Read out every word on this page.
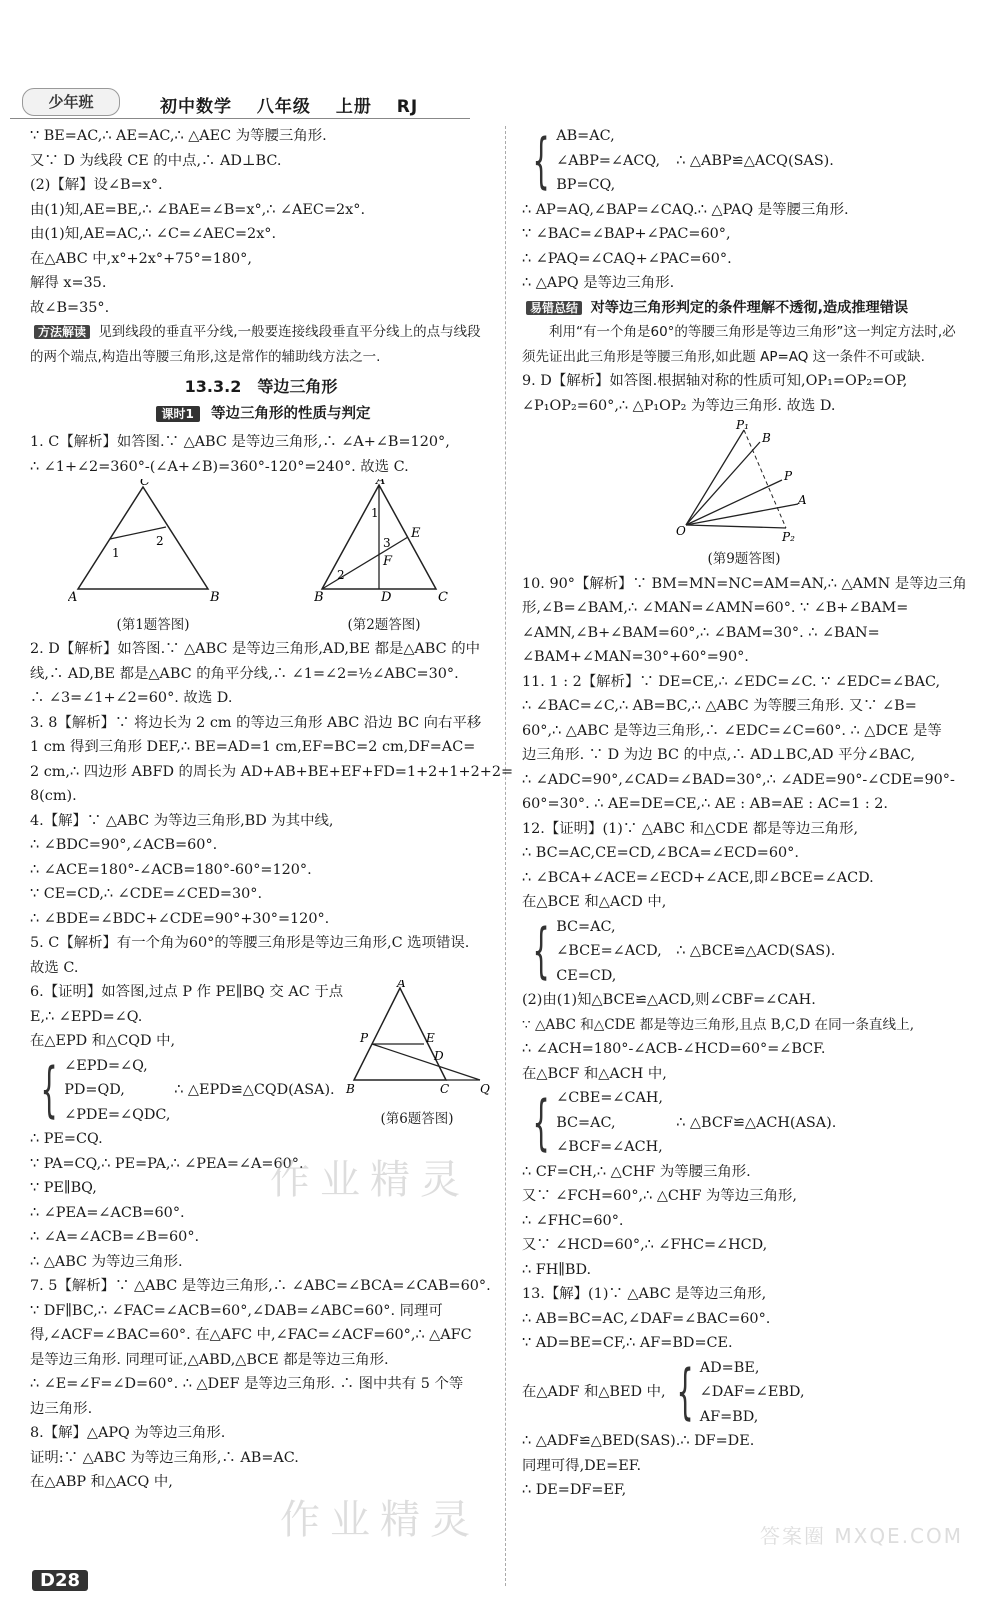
少年班	初中数学 八年级 上册 RJ
∵ BE=AC,∴ AE=AC,∴ △AEC 为等腰三角形.
又∵ D 为线段 CE 的中点,∴ AD⊥BC.
(2)【解】设∠B=x°.
由(1)知,AE=BE,∴ ∠BAE=∠B=x°,∴ ∠AEC=2x°.
由(1)知,AE=AC,∴ ∠C=∠AEC=2x°.
在△ABC 中,x°+2x°+75°=180°,
解得 x=35.
故∠B=35°.
方法解读 见到线段的垂直平分线,一般要连接线段垂直平分线上的点与线段的两个端点,构造出等腰三角形,这是常作的辅助线方法之一.
13.3.2　等边三角形
课时1 等边三角形的性质与判定
1. C【解析】如答图.∵ △ABC 是等边三角形,∴ ∠A+∠B=120°,
∴ ∠1+∠2=360°-(∠A+∠B)=360°-120°=240°. 故选 C.
C
A	B
1
2
(第1题答图)
A
B	C
D
E
F
1
3
2
(第2题答图)
2. D【解析】如答图.∵ △ABC 是等边三角形,AD,BE 都是△ABC 的中
线,∴ AD,BE 都是△ABC 的角平分线,∴ ∠1=∠2=½∠ABC=30°.
∴ ∠3=∠1+∠2=60°. 故选 D.
3. 8【解析】∵ 将边长为 2 cm 的等边三角形 ABC 沿边 BC 向右平移
1 cm 得到三角形 DEF,∴ BE=AD=1 cm,EF=BC=2 cm,DF=AC=
2 cm,∴ 四边形 ABFD 的周长为 AD+AB+BE+EF+FD=1+2+1+2+2=
8(cm).
4.【解】∵ △ABC 为等边三角形,BD 为其中线,
∴ ∠BDC=90°,∠ACB=60°.
∴ ∠ACE=180°-∠ACB=180°-60°=120°.
∵ CE=CD,∴ ∠CDE=∠CED=30°.
∴ ∠BDE=∠BDC+∠CDE=90°+30°=120°.
5. C【解析】有一个角为60°的等腰三角形是等边三角形,C 选项错误.
故选 C.
6.【证明】如答图,过点 P 作 PE∥BQ 交 AC 于点
E,∴ ∠EPD=∠Q.
在△EPD 和△CQD 中,
{ ∠EPD=∠Q,
PD=QD,
∠PDE=∠QDC,
∴ △EPD≌△CQD(ASA).
∴ PE=CQ.
∵ PA=CQ,∴ PE=PA,∴ ∠PEA=∠A=60°.
∵ PE∥BQ,
∴ ∠PEA=∠ACB=60°.
∴ ∠A=∠ACB=∠B=60°.
∴ △ABC 为等边三角形.
A
B	C	Q
P	E
D
(第6题答图)
7. 5【解析】∵ △ABC 是等边三角形,∴ ∠ABC=∠BCA=∠CAB=60°.
∵ DF∥BC,∴ ∠FAC=∠ACB=60°,∠DAB=∠ABC=60°. 同理可
得,∠ACF=∠BAC=60°. 在△AFC 中,∠FAC=∠ACF=60°,∴ △AFC
是等边三角形. 同理可证,△ABD,△BCE 都是等边三角形.
∴ ∠E=∠F=∠D=60°. ∴ △DEF 是等边三角形. ∴ 图中共有 5 个等
边三角形.
8.【解】△APQ 为等边三角形.
证明:∵ △ABC 为等边三角形,∴ AB=AC.
在△ABP 和△ACQ 中,
{ AB=AC,
∠ABP=∠ACQ,
BP=CQ,
∴ △ABP≌△ACQ(SAS).
∴ AP=AQ,∠BAP=∠CAQ.∴ △PAQ 是等腰三角形.
∵ ∠BAC=∠BAP+∠PAC=60°,
∴ ∠PAQ=∠CAQ+∠PAC=60°.
∴ △APQ 是等边三角形.
易错总结 对等边三角形判定的条件理解不透彻,造成推理错误
利用“有一个角是60°的等腰三角形是等边三角形”这一判定方法时,必须先证出此三角形是等腰三角形,如此题 AP=AQ 这一条件不可或缺.
9. D【解析】如答图.根据轴对称的性质可知,OP₁=OP₂=OP,
∠P₁OP₂=60°,∴ △P₁OP₂ 为等边三角形. 故选 D.
P₁
B
P
A
O	P₂
(第9题答图)
10. 90°【解析】∵ BM=MN=NC=AM=AN,∴ △AMN 是等边三角
形,∠B=∠BAM,∴ ∠MAN=∠AMN=60°. ∵ ∠B+∠BAM=
∠AMN,∠B+∠BAM=60°,∴ ∠BAM=30°. ∴ ∠BAN=
∠BAM+∠MAN=30°+60°=90°.
11. 1 : 2【解析】∵ DE=CE,∴ ∠EDC=∠C. ∵ ∠EDC=∠BAC,
∴ ∠BAC=∠C,∴ AB=BC,∴ △ABC 为等腰三角形. 又∵ ∠B=
60°,∴ △ABC 是等边三角形,∴ ∠EDC=∠C=60°. ∴ △DCE 是等
边三角形. ∵ D 为边 BC 的中点,∴ AD⊥BC,AD 平分∠BAC,
∴ ∠ADC=90°,∠CAD=∠BAD=30°,∴ ∠ADE=90°-∠CDE=90°-
60°=30°. ∴ AE=DE=CE,∴ AE : AB=AE : AC=1 : 2.
12.【证明】(1)∵ △ABC 和△CDE 都是等边三角形,
∴ BC=AC,CE=CD,∠BCA=∠ECD=60°.
∴ ∠BCA+∠ACE=∠ECD+∠ACE,即∠BCE=∠ACD.
在△BCE 和△ACD 中,
{ BC=AC,
∠BCE=∠ACD,
CE=CD,
∴ △BCE≌△ACD(SAS).
(2)由(1)知△BCE≌△ACD,则∠CBF=∠CAH.
∵ △ABC 和△CDE 都是等边三角形,且点 B,C,D 在同一条直线上,
∴ ∠ACH=180°-∠ACB-∠HCD=60°=∠BCF.
在△BCF 和△ACH 中,
{ ∠CBE=∠CAH,
BC=AC,
∠BCF=∠ACH,
∴ △BCF≌△ACH(ASA).
∴ CF=CH,∴ △CHF 为等腰三角形.
又∵ ∠FCH=60°,∴ △CHF 为等边三角形,
∴ ∠FHC=60°.
又∵ ∠HCD=60°,∴ ∠FHC=∠HCD,
∴ FH∥BD.
13.【解】(1)∵ △ABC 是等边三角形,
∴ AB=BC=AC,∠DAF=∠BAC=60°.
∵ AD=BE=CF,∴ AF=BD=CE.
在△ADF 和△BED 中, { AD=BE,
∠DAF=∠EBD,
AF=BD,
∴ △ADF≌△BED(SAS).∴ DF=DE.
同理可得,DE=EF.
∴ DE=DF=EF,
作业精灵
作业精灵	答案圈 MXQE.COM
D28
